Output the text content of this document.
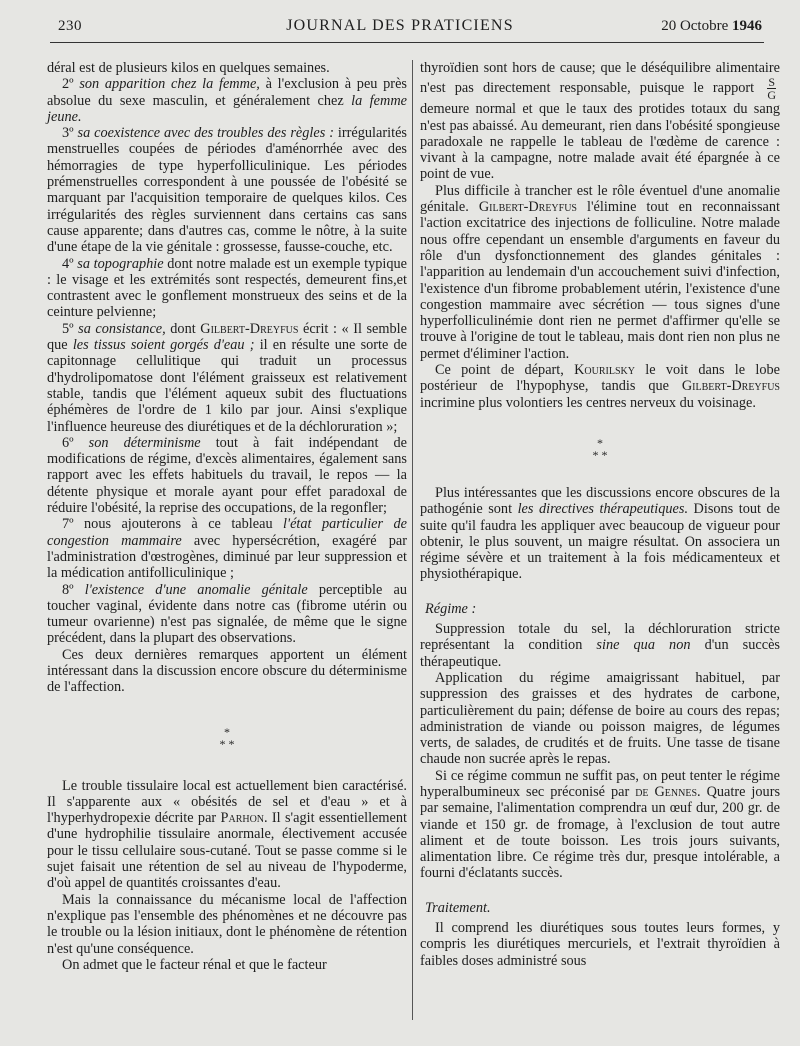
230	JOURNAL DES PRATICIENS	20 Octobre 1946

déral est de plusieurs kilos en quelques semaines.

2º son apparition chez la femme, à l'exclusion à peu près absolue du sexe masculin, et généralement chez la femme jeune.

3º sa coexistence avec des troubles des règles : irrégularités menstruelles coupées de périodes d'aménorrhée avec des hémorragies de type hyperfolliculinique. Les périodes prémenstruelles correspondent à une poussée de l'obésité se marquant par l'acquisition temporaire de quelques kilos. Ces irrégularités des règles surviennent dans certains cas sans cause apparente; dans d'autres cas, comme le nôtre, à la suite d'une étape de la vie génitale : grossesse, fausse-couche, etc.

4º sa topographie dont notre malade est un exemple typique : le visage et les extrémités sont respectés, demeurent fins,et contrastent avec le gonflement monstrueux des seins et de la ceinture pelvienne;

5º sa consistance, dont Gilbert-Dreyfus écrit : « Il semble que les tissus soient gorgés d'eau ; il en résulte une sorte de capitonnage cellulitique qui traduit un processus d'hydrolipomatose dont l'élément graisseux est relativement stable, tandis que l'élément aqueux subit des fluctuations éphémères de l'ordre de 1 kilo par jour. Ainsi s'explique l'influence heureuse des diurétiques et de la déchloruration »;

6º son déterminisme tout à fait indépendant de modifications de régime, d'excès alimentaires, également sans rapport avec les effets habituels du travail, le repos — la détente physique et morale ayant pour effet paradoxal de réduire l'obésité, la reprise des occupations, de la regonfler;

7º nous ajouterons à ce tableau l'état particulier de congestion mammaire avec hypersécrétion, exagéré par l'administration d'œstrogènes, diminué par leur suppression et la médication antifolliculinique ;

8º l'existence d'une anomalie génitale perceptible au toucher vaginal, évidente dans notre cas (fibrome utérin ou tumeur ovarienne) n'est pas signalée, de même que le signe précédent, dans la plupart des observations.

Ces deux dernières remarques apportent un élément intéressant dans la discussion encore obscure du déterminisme de l'affection.

*
* *

Le trouble tissulaire local est actuellement bien caractérisé. Il s'apparente aux « obésités de sel et d'eau » et à l'hyperhydropexie décrite par Parhon. Il s'agit essentiellement d'une hydrophilie tissulaire anormale, électivement accusée pour le tissu cellulaire sous-cutané. Tout se passe comme si le sujet faisait une rétention de sel au niveau de l'hypoderme, d'où appel de quantités croissantes d'eau.

Mais la connaissance du mécanisme local de l'affection n'explique pas l'ensemble des phénomènes et ne découvre pas le trouble ou la lésion initiaux, dont le phénomène de rétention n'est qu'une conséquence.

On admet que le facteur rénal et que le facteur

thyroïdien sont hors de cause; que le déséquilibre alimentaire n'est pas directement responsable, puisque le rapport $\frac{S}{G}$
demeure normal et que le taux des protides totaux du sang n'est pas abaissé. Au demeurant, rien dans l'obésité spongieuse paradoxale ne rappelle le tableau de l'œdème de carence : vivant à la campagne, notre malade avait été épargnée à ce point de vue.

Plus difficile à trancher est le rôle éventuel d'une anomalie génitale. Gilbert-Dreyfus l'élimine tout en reconnaissant l'action excitatrice des injections de folliculine. Notre malade nous offre cependant un ensemble d'arguments en faveur du rôle d'un dysfonctionnement des glandes génitales : l'apparition au lendemain d'un accouchement suivi d'infection, l'existence d'un fibrome probablement utérin, l'existence d'une congestion mammaire avec sécrétion — tous signes d'une hyperfolliculinémie dont rien ne permet d'affirmer qu'elle se trouve à l'origine de tout le tableau, mais dont rien non plus ne permet d'éliminer l'action.

Ce point de départ, Kourilsky le voit dans le lobe postérieur de l'hypophyse, tandis que Gilbert-Dreyfus incrimine plus volontiers les centres nerveux du voisinage.

*
* *

Plus intéressantes que les discussions encore obscures de la pathogénie sont les directives thérapeutiques. Disons tout de suite qu'il faudra les appliquer avec beaucoup de vigueur pour obtenir, le plus souvent, un maigre résultat. On associera un régime sévère et un traitement à la fois médicamenteux et physiothérapique.

Régime :

Suppression totale du sel, la déchloruration stricte représentant la condition sine qua non d'un succès thérapeutique.

Application du régime amaigrissant habituel, par suppression des graisses et des hydrates de carbone, particulièrement du pain; défense de boire au cours des repas; administration de viande ou poisson maigres, de légumes verts, de salades, de crudités et de fruits. Une tasse de tisane chaude non sucrée après le repas.

Si ce régime commun ne suffit pas, on peut tenter le régime hyperalbumineux sec préconisé par de Gennes. Quatre jours par semaine, l'alimentation comprendra un œuf dur, 200 gr. de viande et 150 gr. de fromage, à l'exclusion de tout autre aliment et de toute boisson. Les trois jours suivants, alimentation libre. Ce régime très dur, presque intolérable, a fourni d'éclatants succès.

Traitement.

Il comprend les diurétiques sous toutes leurs formes, y compris les diurétiques mercuriels, et l'extrait thyroïdien à faibles doses administré sous
